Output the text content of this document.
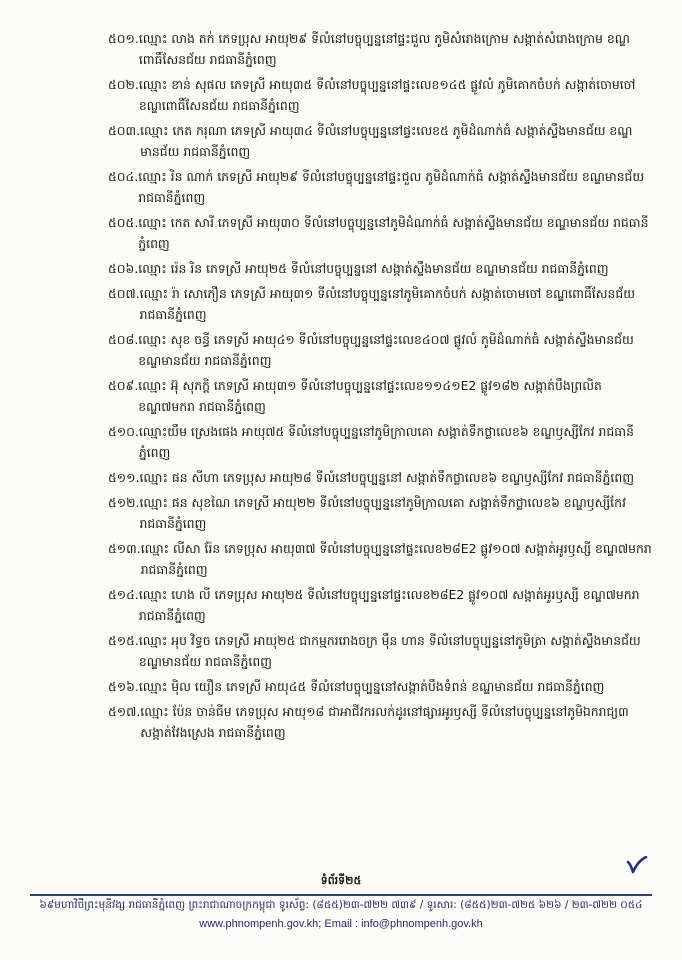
៥០១. ឈ្មោះ លាង តក់ ភេទប្រុស អាយុ២៩ ទីលំនៅបច្ចុប្បន្ននៅផ្ទះជួល ភូមិសំរោងក្រោម សង្កាត់សំរោងក្រោម ខណ្ឌពោធិ៍សែនជ័យ រាជធានីភ្នំពេញ
៥០២. ឈ្មោះ ខាន់ សុផល ភេទស្រី អាយុ៣៥ ទីលំនៅបច្ចុប្បន្ននៅផ្ទះលេខ១៤៥ ផ្លូវលំ ភូមិគោកចំបក់ សង្កាត់ចោមចៅ ខណ្ឌពោធិ៍សែនជ័យ រាជធានីភ្នំពេញ
៥០៣. ឈ្មោះ កេត ករុណា ភេទស្រី អាយុ៣៤ ទីលំនៅបច្ចុប្បន្ននៅផ្ទះលេខ៥ ភូមិដំណាក់ធំ សង្កាត់ស្ទឹងមានជ័យ ខណ្ឌមានជ័យ រាជធានីភ្នំពេញ
៥០៤. ឈ្មោះ រិន ណាក់ ភេទស្រី អាយុ២៩ ទីលំនៅបច្ចុប្បន្ននៅផ្ទះជួល ភូមិដំណាក់ធំ សង្កាត់ស្ទឹងមានជ័យ ខណ្ឌមានជ័យ រាជធានីភ្នំពេញ
៥០៥. ឈ្មោះ កេត សារី ភេទស្រី អាយុ៣០ ទីលំនៅបច្ចុប្បន្ននៅភូមិដំណាក់ធំ សង្កាត់ស្ទឹងមានជ័យ ខណ្ឌមានជ័យ រាជធានីភ្នំពេញ
៥០៦. ឈ្មោះ រ៉េន រិន ភេទស្រី អាយុ២៥ ទីលំនៅបច្ចុប្បន្ននៅ សង្កាត់ស្ទឹងមានជ័យ ខណ្ឌមានជ័យ រាជធានីភ្នំពេញ
៥០៧. ឈ្មោះ រ៉ា សោភឿន ភេទស្រី អាយុ៣១ ទីលំនៅបច្ចុប្បន្ននៅភូមិគោកចំបក់ សង្កាត់ចោមចៅ ខណ្ឌពោធិ៍សែនជ័យ រាជធានីភ្នំពេញ
៥០៨. ឈ្មោះ សុខ ចន្ធី ភេទស្រី អាយុ៤១ ទីលំនៅបច្ចុប្បន្ននៅផ្ទះលេខ៤០៧ ផ្លូវលំ ភូមិដំណាក់ធំ សង្កាត់ស្ទឹងមានជ័យ ខណ្ឌមានជ័យ រាជធានីភ្នំពេញ
៥០៩. ឈ្មោះ អ៊ុ សុភក្តិ ភេទស្រី អាយុ៣១ ទីលំនៅបច្ចុប្បន្ននៅផ្ទះលេខ១១៤១E2 ផ្លូវ១៨២ សង្កាត់បឹងព្រលិត ខណ្ឌ៧មករា រាជធានីភ្នំពេញ
៥១០. ឈ្មោះយឹម ស្រេងផេង អាយុ៧៥ ទីលំនៅបច្ចុប្បន្ននៅភូមិក្រាលគោ សង្កាត់ទឹកថ្លាលេខ៦ ខណ្ឌឫស្សីកែវ រាជធានីភ្នំពេញ
៥១១. ឈ្មោះ ផន សីហា ភេទប្រុស អាយុ២៨ ទីលំនៅបច្ចុប្បន្ននៅ សង្កាត់ទឹកថ្លាលេខ៦ ខណ្ឌឫស្សីកែវ រាជធានីភ្នំពេញ
៥១២. ឈ្មោះ ផន សុខណៃ ភេទស្រី អាយុ២២ ទីលំនៅបច្ចុប្បន្ននៅភូមិក្រាលគោ សង្កាត់ទឹកថ្លាលេខ៦ ខណ្ឌឫស្សីកែវ រាជធានីភ្នំពេញ
៥១៣. ឈ្មោះ លីសា រ៉ែន ភេទប្រុស អាយុ៣៧ ទីលំនៅបច្ចុប្បន្ននៅផ្ទះលេខ២៨E2 ផ្លូវ១០៧ សង្កាត់អូរឫស្សី ខណ្ឌ៧មករា រាជធានីភ្នំពេញ
៥១៤. ឈ្មោះ ហេង លី ភេទប្រុស អាយុ២៥ ទីលំនៅបច្ចុប្បន្ននៅផ្ទះលេខ២៨E2 ផ្លូវ១០៧ សង្កាត់អូរឫស្សី ខណ្ឌ៧មករា រាជធានីភ្នំពេញ
៥១៥. ឈ្មោះ អុប វិទ្ធច ភេទស្រី អាយុ២៥ ជាកម្មកររោងចក្រ ម៉ឺន ហាន ទីលំនៅបច្ចុប្បន្ននៅភូមិត្រា សង្កាត់ស្ទឹងមានជ័យ ខណ្ឌមានជ័យ រាជធានីភ្នំពេញ
៥១៦. ឈ្មោះ ម៉ិល យឿន ភេទស្រី អាយុ៤៥ ទីលំនៅបច្ចុប្បន្ននៅសង្កាត់បឹងទំពន់ ខណ្ឌមានជ័យ រាជធានីភ្នំពេញ
៥១៧. ឈ្មោះ ប៉ែន ចាន់ធីម ភេទប្រុស អាយុ១៨ ជាអាជីវករលក់ដូរនៅផ្សារអូរឫស្សី ទីលំនៅបច្ចុប្បន្ននៅភូមិឯករាជ្យ៣ សង្កាត់វែងស្រេង រាជធានីភ្នំពេញ
ទំព័រទី២៥
៦៩មហាវិថីព្រះមុនីវង្ស រាជធានីភ្នំពេញ ព្រះរាជាណាចក្រកម្ពុជា ទូរស័ព្ទ: (៨៥៥)២៣-៧២២ ៧៣៩ / ទូរសារ: (៨៥៥)២៣-៧២៥ ៦២៦ / ២៣-៧២២ ០៥៤
www.phnompenh.gov.kh; Email : info@phnompenh.gov.kh
